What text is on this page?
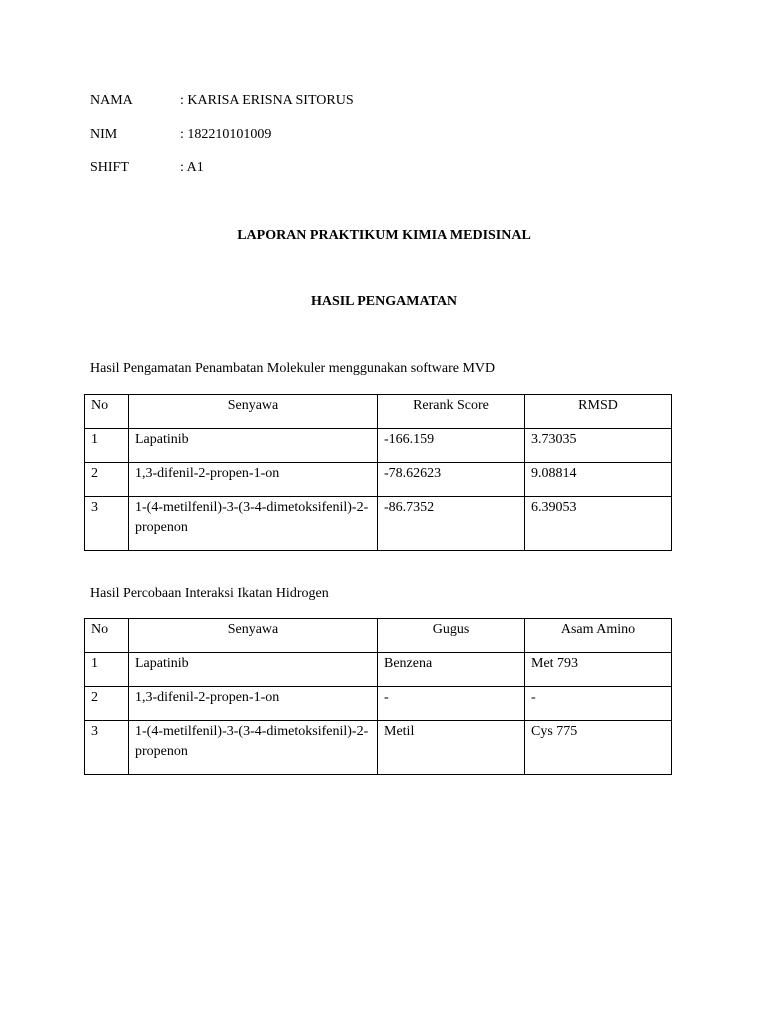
NAMA	: KARISA ERISNA SITORUS
NIM	: 182210101009
SHIFT	: A1
LAPORAN PRAKTIKUM KIMIA MEDISINAL
HASIL PENGAMATAN
Hasil Pengamatan Penambatan Molekuler menggunakan software MVD
No	Senyawa	Rerank Score	RMSD
1	Lapatinib	-166.159	3.73035
2	1,3-difenil-2-propen-1-on	-78.62623	9.08814
3	1-(4-metilfenil)-3-(3-4-dimetoksifenil)-2-propenon	-86.7352	6.39053
Hasil Percobaan Interaksi Ikatan Hidrogen
No	Senyawa	Gugus	Asam Amino
1	Lapatinib	Benzena	Met 793
2	1,3-difenil-2-propen-1-on	-	-
3	1-(4-metilfenil)-3-(3-4-dimetoksifenil)-2-propenon	Metil	Cys 775
